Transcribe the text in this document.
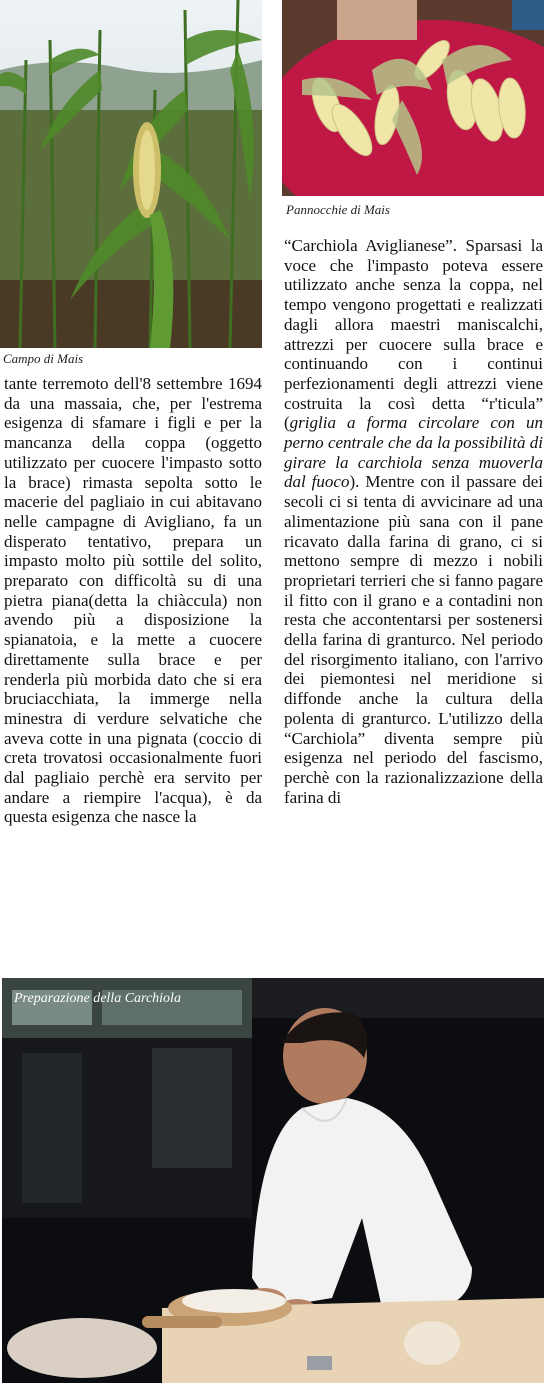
Campo di Mais
Pannocchie di Mais

tante terremoto dell'8 settembre 1694 da una massaia, che, per l'estrema esigenza di sfamare i figli e per la mancanza della coppa (oggetto utilizzato per cuocere l'impasto sotto la brace) rimasta sepolta sotto le macerie del pagliaio in cui abitavano nelle campagne di Avigliano, fa un disperato tentativo, prepara un impasto molto più sottile del solito, preparato con difficoltà su di una pietra piana(detta la chiàccula) non avendo più a disposizione la spianatoia, e la mette a cuocere direttamente sulla brace e per renderla più morbida dato che si era bruciacchiata, la immerge nella minestra di verdure selvatiche che aveva cotte in una pignata (coccio di creta trovatosi occasionalmente fuori dal pagliaio perchè era servito per andare a riempire l'acqua), è da questa esigenza che nasce la

“Carchiola Aviglianese”. Sparsasi la voce che l'impasto poteva essere utilizzato anche senza la coppa, nel tempo vengono progettati e realizzati dagli allora maestri maniscalchi, attrezzi per cuocere sulla brace e continuando con i continui perfezionamenti degli attrezzi viene costruita la così detta “r'ticula” (griglia a forma circolare con un perno centrale che da la possibilità di girare la carchiola senza muoverla dal fuoco). Mentre con il passare dei secoli ci si tenta di avvicinare ad una alimentazione più sana con il pane ricavato dalla farina di grano, ci si mettono sempre di mezzo i nobili proprietari terrieri che si fanno pagare il fitto con il grano e a contadini non resta che accontentarsi per sostenersi della farina di granturco. Nel periodo del risorgimento italiano, con l'arrivo dei piemontesi nel meridione si diffonde anche la cultura della polenta di granturco. L'utilizzo della “Carchiola” diventa sempre più esigenza nel periodo del fascismo, perchè con la razionalizzazione della farina di

Preparazione della Carchiola
